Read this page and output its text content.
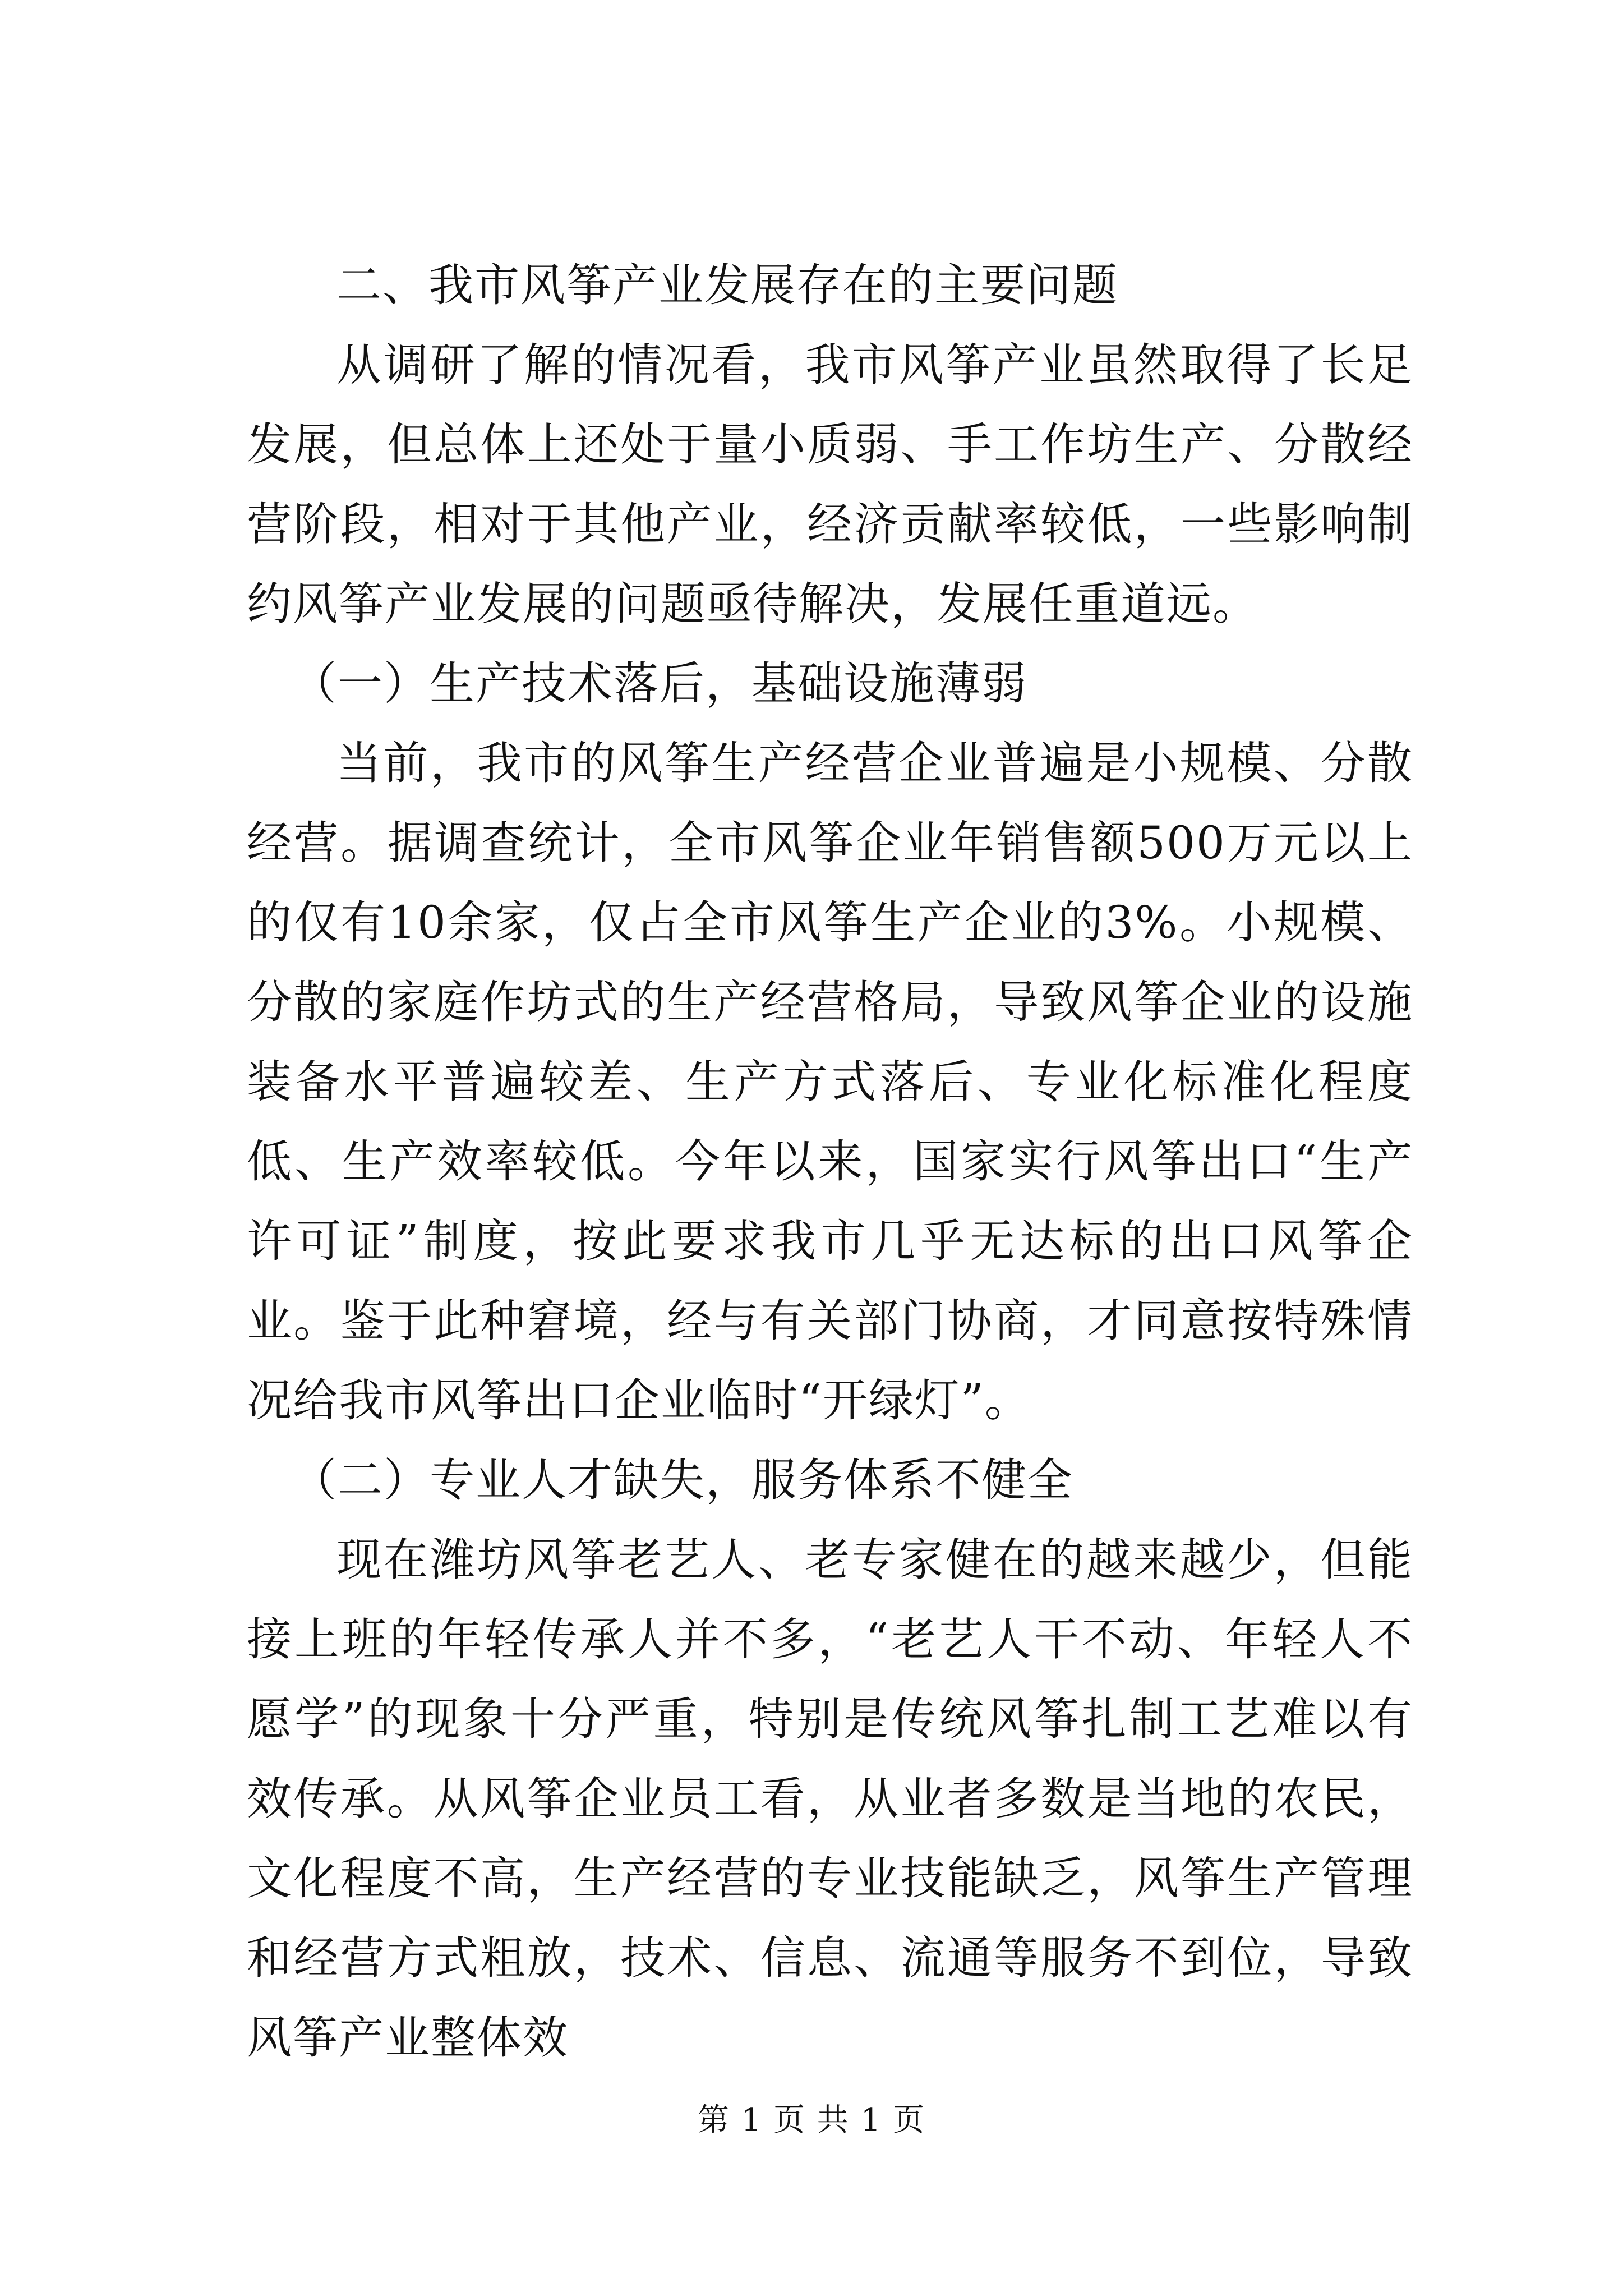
二、我市风筝产业发展存在的主要问题

从调研了解的情况看，我市风筝产业虽然取得了长足发展，但总体上还处于量小质弱、手工作坊生产、分散经营阶段，相对于其他产业，经济贡献率较低，一些影响制约风筝产业发展的问题亟待解决，发展任重道远。

（一）生产技术落后，基础设施薄弱

当前，我市的风筝生产经营企业普遍是小规模、分散经营。据调查统计，全市风筝企业年销售额500万元以上的仅有10余家，仅占全市风筝生产企业的3%。小规模、分散的家庭作坊式的生产经营格局，导致风筝企业的设施装备水平普遍较差、生产方式落后、专业化标准化程度低、生产效率较低。今年以来，国家实行风筝出口“生产许可证”制度，按此要求我市几乎无达标的出口风筝企业。鉴于此种窘境，经与有关部门协商，才同意按特殊情况给我市风筝出口企业临时“开绿灯”。

（二）专业人才缺失，服务体系不健全

现在潍坊风筝老艺人、老专家健在的越来越少，但能接上班的年轻传承人并不多，“老艺人干不动、年轻人不愿学”的现象十分严重，特别是传统风筝扎制工艺难以有效传承。从风筝企业员工看，从业者多数是当地的农民，文化程度不高，生产经营的专业技能缺乏，风筝生产管理和经营方式粗放，技术、信息、流通等服务不到位，导致风筝产业整体效

第 1 页 共 1 页
